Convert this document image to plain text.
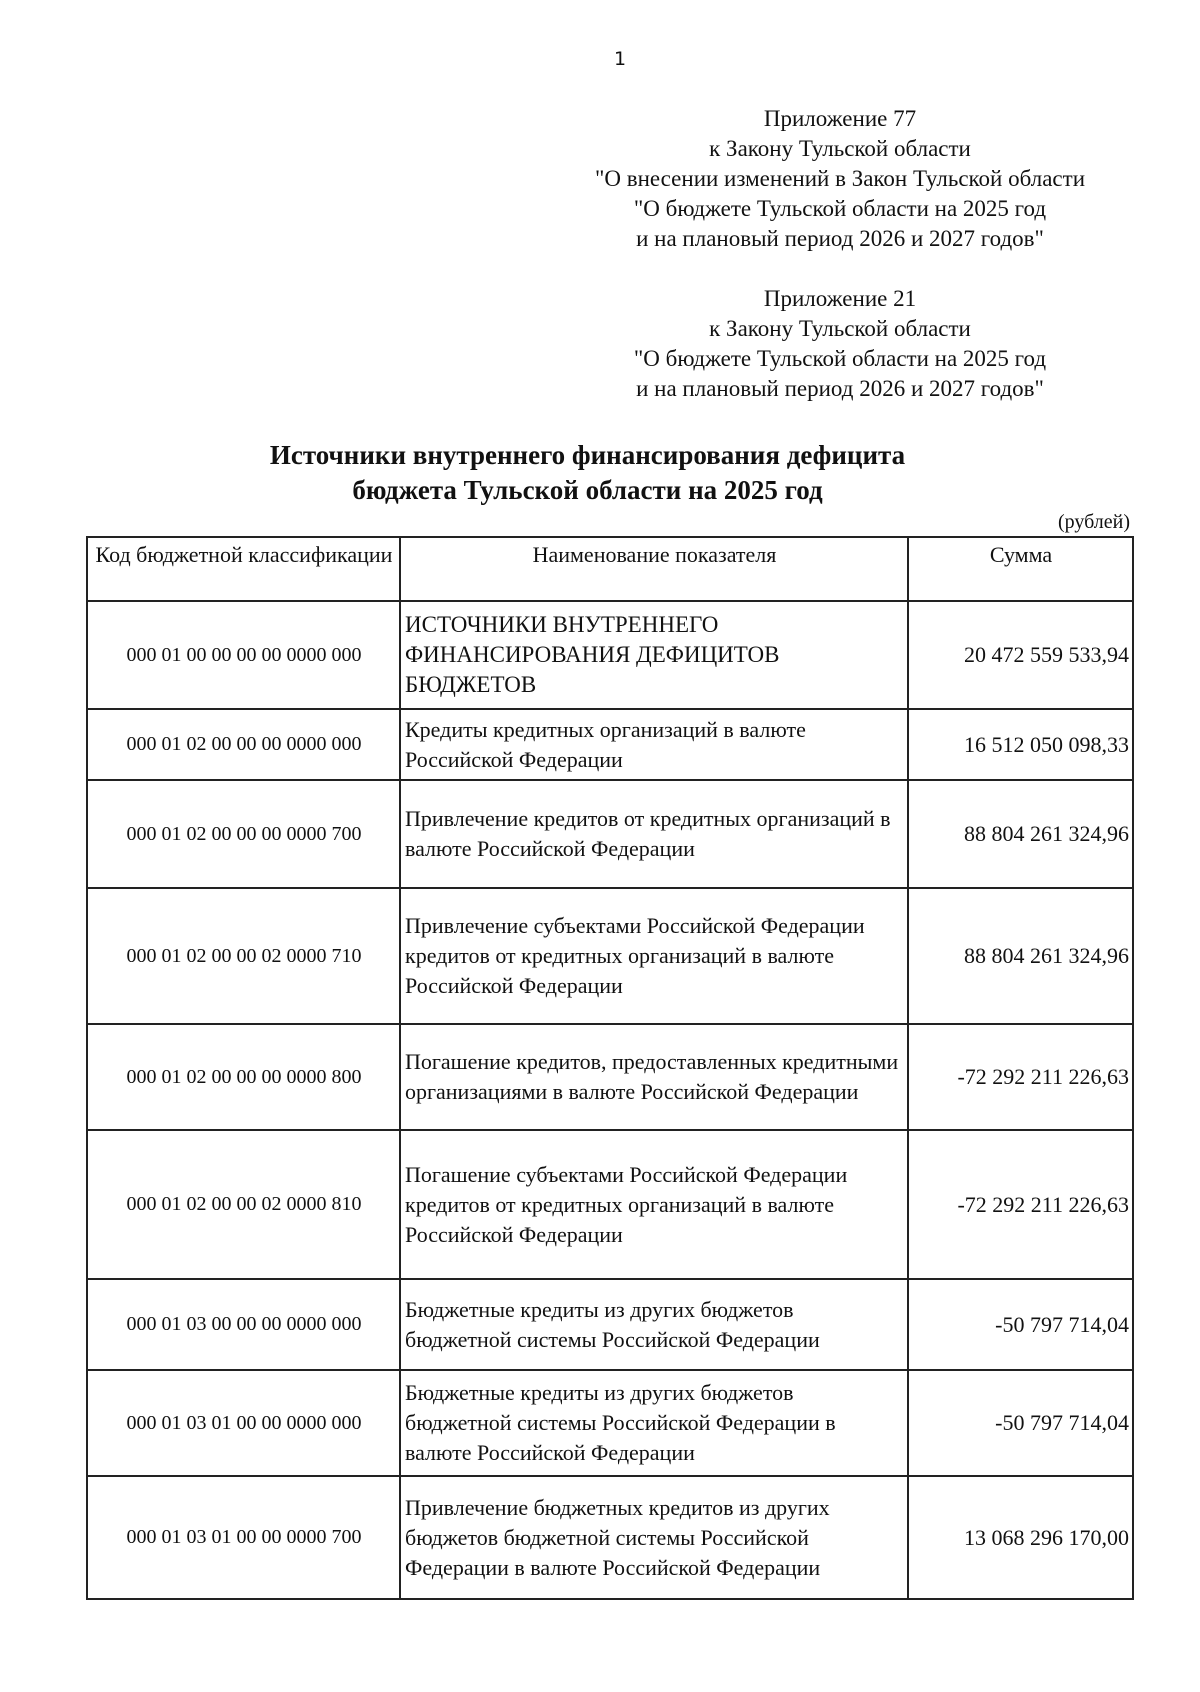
1
Приложение 77
к Закону Тульской области
"О внесении изменений в Закон Тульской области
"О бюджете Тульской области на 2025 год
и на плановый период 2026 и 2027 годов"
Приложение 21
к Закону Тульской области
"О бюджете Тульской области на 2025 год
и на плановый период 2026 и 2027 годов"
Источники внутреннего финансирования дефицита
бюджета Тульской области на 2025 год
(рублей)
Код бюджетной классификации	Наименование показателя	Сумма
000 01 00 00 00 00 0000 000	ИСТОЧНИКИ ВНУТРЕННЕГО ФИНАНСИРОВАНИЯ ДЕФИЦИТОВ БЮДЖЕТОВ	20 472 559 533,94
000 01 02 00 00 00 0000 000	Кредиты кредитных организаций в валюте Российской Федерации	16 512 050 098,33
000 01 02 00 00 00 0000 700	Привлечение кредитов от кредитных организаций в валюте Российской Федерации	88 804 261 324,96
000 01 02 00 00 02 0000 710	Привлечение субъектами Российской Федерации кредитов от кредитных организаций в валюте Российской Федерации	88 804 261 324,96
000 01 02 00 00 00 0000 800	Погашение кредитов, предоставленных кредитными организациями в валюте Российской Федерации	-72 292 211 226,63
000 01 02 00 00 02 0000 810	Погашение субъектами Российской Федерации кредитов от кредитных организаций в валюте Российской Федерации	-72 292 211 226,63
000 01 03 00 00 00 0000 000	Бюджетные кредиты из других бюджетов бюджетной системы Российской Федерации	-50 797 714,04
000 01 03 01 00 00 0000 000	Бюджетные кредиты из других бюджетов бюджетной системы Российской Федерации в валюте Российской Федерации	-50 797 714,04
000 01 03 01 00 00 0000 700	Привлечение бюджетных кредитов из других бюджетов бюджетной системы Российской Федерации в валюте Российской Федерации	13 068 296 170,00
